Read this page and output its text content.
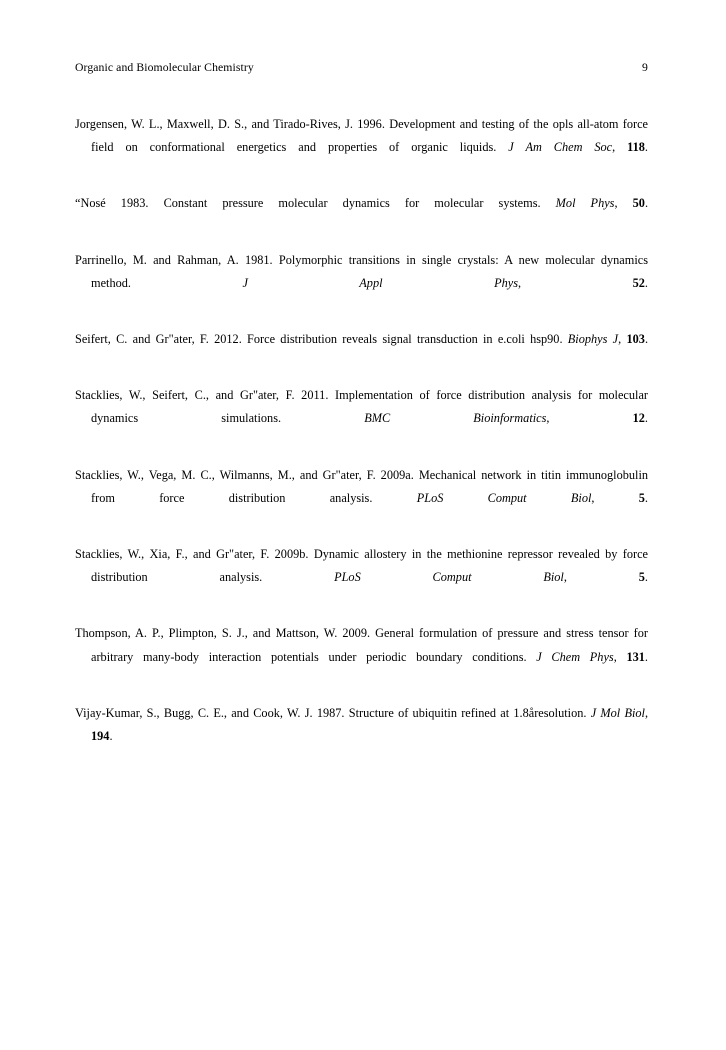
Organic and Biomolecular Chemistry	9

Jorgensen, W. L., Maxwell, D. S., and Tirado-Rives, J. 1996. Development and testing of the opls all-atom force field on conformational energetics and properties of organic liquids. J Am Chem Soc, 118.

“Nosé 1983. Constant pressure molecular dynamics for molecular systems. Mol Phys, 50.

Parrinello, M. and Rahman, A. 1981. Polymorphic transitions in single crystals: A new molecular dynamics method.	J Appl Phys,	52.

Seifert, C. and Gr"ater, F. 2012. Force distribution reveals signal transduction in e.coli hsp90. Biophys J, 103.

Stacklies, W., Seifert, C., and Gr"ater, F. 2011. Implementation of force distribution analysis for molecular dynamics simulations.	BMC Bioinformatics,	12.

Stacklies, W., Vega, M. C., Wilmanns, M., and Gr"ater, F. 2009a. Mechanical network in titin immunoglobulin from force distribution analysis.	PLoS Comput Biol,	5.

Stacklies, W., Xia, F., and Gr"ater, F. 2009b. Dynamic allostery in the methionine repressor revealed by force distribution analysis.	PLoS Comput Biol,	5.

Thompson, A. P., Plimpton, S. J., and Mattson, W. 2009. General formulation of pressure and stress tensor for arbitrary many-body interaction potentials under periodic boundary conditions. J Chem Phys, 131.

Vijay-Kumar, S., Bugg, C. E., and Cook, W. J. 1987. Structure of ubiquitin refined at 1.8åresolution. J Mol Biol, 194.
